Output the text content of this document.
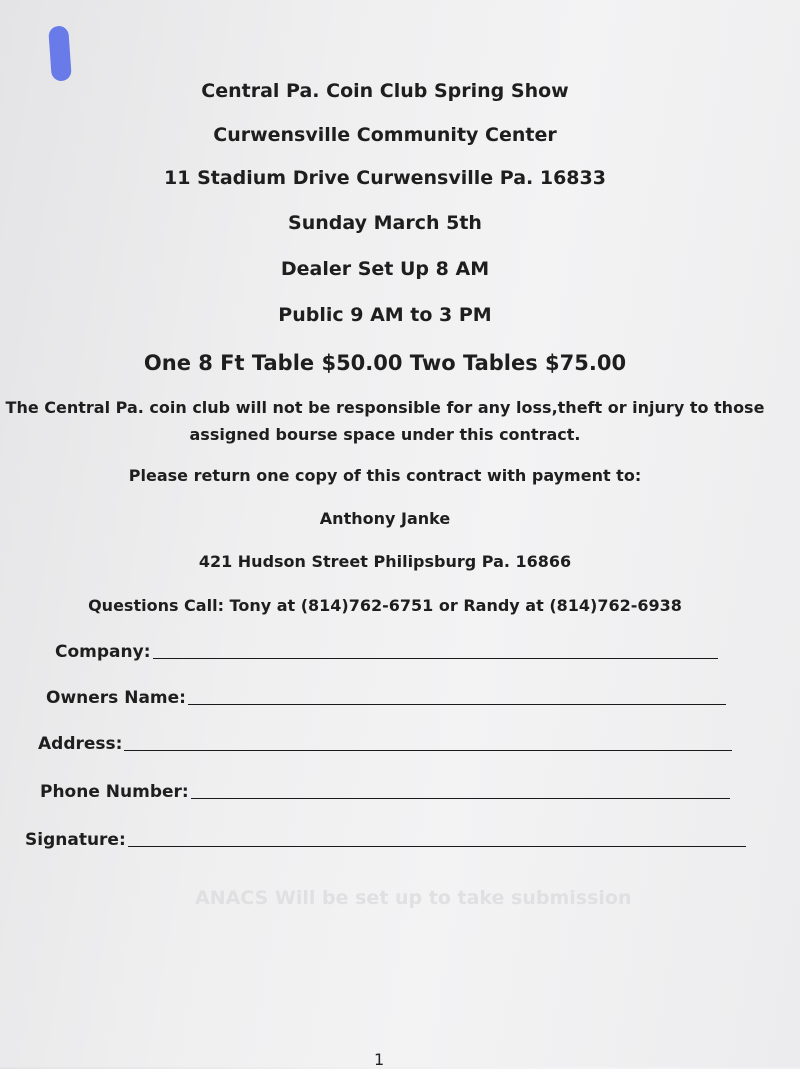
Central Pa. Coin Club Spring Show
Curwensville Community Center
11 Stadium Drive Curwensville Pa. 16833
Sunday March 5th
Dealer Set Up 8 AM
Public 9 AM to 3 PM
One 8 Ft Table $50.00 Two Tables $75.00
The Central Pa. coin club will not be responsible for any loss,theft or injury to those
assigned bourse space under this contract.
Please return one copy of this contract with payment to:
Anthony Janke
421 Hudson Street Philipsburg Pa. 16866
Questions Call: Tony at (814)762-6751 or Randy at (814)762-6938
Company:
Owners Name:
Address:
Phone Number:
Signature:
ANACS Will be set up to take submission
1
